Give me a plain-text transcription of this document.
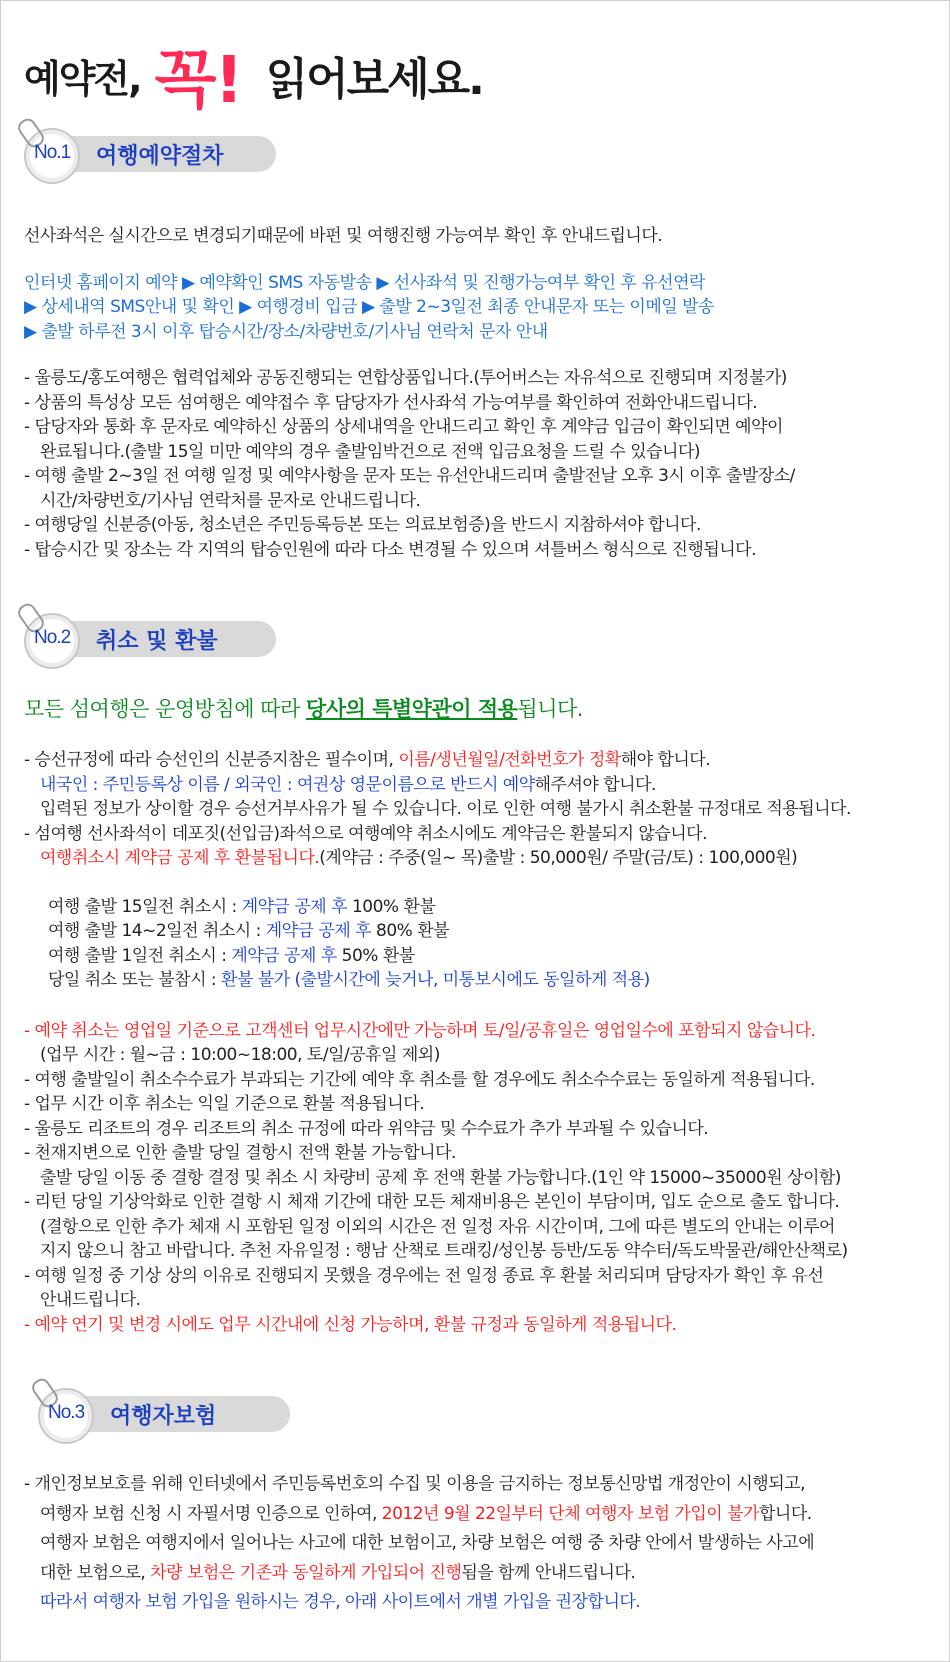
예약전, 꼭! 읽어보세요.
No.1 여행예약절차
선사좌석은 실시간으로 변경되기때문에 바펀 및 여행진행 가능여부 확인 후 안내드립니다.
인터넷 홈페이지 예약 ▶ 예약확인 SMS 자동발송 ▶ 선사좌석 및 진행가능여부 확인 후 유선연락
▶ 상세내역 SMS안내 및 확인 ▶ 여행경비 입금 ▶ 출발 2~3일전 최종 안내문자 또는 이메일 발송
▶ 출발 하루전 3시 이후 탑승시간/장소/차량번호/기사님 연락처 문자 안내
- 울릉도/홍도여행은 협력업체와 공동진행되는 연합상품입니다.(투어버스는 자유석으로 진행되며 지정불가)
- 상품의 특성상 모든 섬여행은 예약접수 후 담당자가 선사좌석 가능여부를 확인하여 전화안내드립니다.
- 담당자와 통화 후 문자로 예약하신 상품의 상세내역을 안내드리고 확인 후 계약금 입금이 확인되면 예약이
완료됩니다.(출발 15일 미만 예약의 경우 출발임박건으로 전액 입금요청을 드릴 수 있습니다)
- 여행 출발 2~3일 전 여행 일정 및 예약사항을 문자 또는 유선안내드리며 출발전날 오후 3시 이후 출발장소/
시간/차량번호/기사님 연락처를 문자로 안내드립니다.
- 여행당일 신분증(아동, 청소년은 주민등록등본 또는 의료보험증)을 반드시 지참하셔야 합니다.
- 탑승시간 및 장소는 각 지역의 탑승인원에 따라 다소 변경될 수 있으며 셔틀버스 형식으로 진행됩니다.
No.2 취소 및 환불
모든 섬여행은 운영방침에 따라 당사의 특별약관이 적용됩니다.
- 승선규정에 따라 승선인의 신분증지참은 필수이며, 이름/생년월일/전화번호가 정확해야 합니다.
내국인 : 주민등록상 이름 / 외국인 : 여권상 영문이름으로 반드시 예약해주셔야 합니다.
입력된 정보가 상이할 경우 승선거부사유가 될 수 있습니다. 이로 인한 여행 불가시 취소환불 규정대로 적용됩니다.
- 섬여행 선사좌석이 데포짓(선입금)좌석으로 여행예약 취소시에도 계약금은 환불되지 않습니다.
여행취소시 계약금 공제 후 환불됩니다.(계약금 : 주중(일~ 목)출발 : 50,000원/ 주말(금/토) : 100,000원)
여행 출발 15일전 취소시 : 계약금 공제 후 100% 환불
여행 출발 14~2일전 취소시 : 계약금 공제 후 80% 환불
여행 출발 1일전 취소시 : 계약금 공제 후 50% 환불
당일 취소 또는 불참시 : 환불 불가 (출발시간에 늦거나, 미통보시에도 동일하게 적용)
- 예약 취소는 영업일 기준으로 고객센터 업무시간에만 가능하며 토/일/공휴일은 영업일수에 포함되지 않습니다.
(업무 시간 : 월~금 : 10:00~18:00, 토/일/공휴일 제외)
- 여행 출발일이 취소수수료가 부과되는 기간에 예약 후 취소를 할 경우에도 취소수수료는 동일하게 적용됩니다.
- 업무 시간 이후 취소는 익일 기준으로 환불 적용됩니다.
- 울릉도 리조트의 경우 리조트의 취소 규정에 따라 위약금 및 수수료가 추가 부과될 수 있습니다.
- 천재지변으로 인한 출발 당일 결항시 전액 환불 가능합니다.
출발 당일 이동 중 결항 결정 및 취소 시 차량비 공제 후 전액 환불 가능합니다.(1인 약 15000~35000원 상이함)
- 리턴 당일 기상악화로 인한 결항 시 체재 기간에 대한 모든 체재비용은 본인이 부담이며, 입도 순으로 출도 합니다.
(결항으로 인한 추가 체재 시 포함된 일정 이외의 시간은 전 일정 자유 시간이며, 그에 따른 별도의 안내는 이루어
지지 않으니 참고 바랍니다. 추천 자유일정 : 행남 산책로 트래킹/성인봉 등반/도동 약수터/독도박물관/해안산책로)
- 여행 일정 중 기상 상의 이유로 진행되지 못했을 경우에는 전 일정 종료 후 환불 처리되며 담당자가 확인 후 유선
안내드립니다.
- 예약 연기 및 변경 시에도 업무 시간내에 신청 가능하며, 환불 규정과 동일하게 적용됩니다.
No.3 여행자보험
- 개인정보보호를 위해 인터넷에서 주민등록번호의 수집 및 이용을 금지하는 정보통신망법 개정안이 시행되고,
여행자 보험 신청 시 자필서명 인증으로 인하여, 2012년 9월 22일부터 단체 여행자 보험 가입이 불가합니다.
여행자 보험은 여행지에서 일어나는 사고에 대한 보험이고, 차량 보험은 여행 중 차량 안에서 발생하는 사고에
대한 보험으로, 차량 보험은 기존과 동일하게 가입되어 진행됨을 함께 안내드립니다.
따라서 여행자 보험 가입을 원하시는 경우, 아래 사이트에서 개별 가입을 권장합니다.
